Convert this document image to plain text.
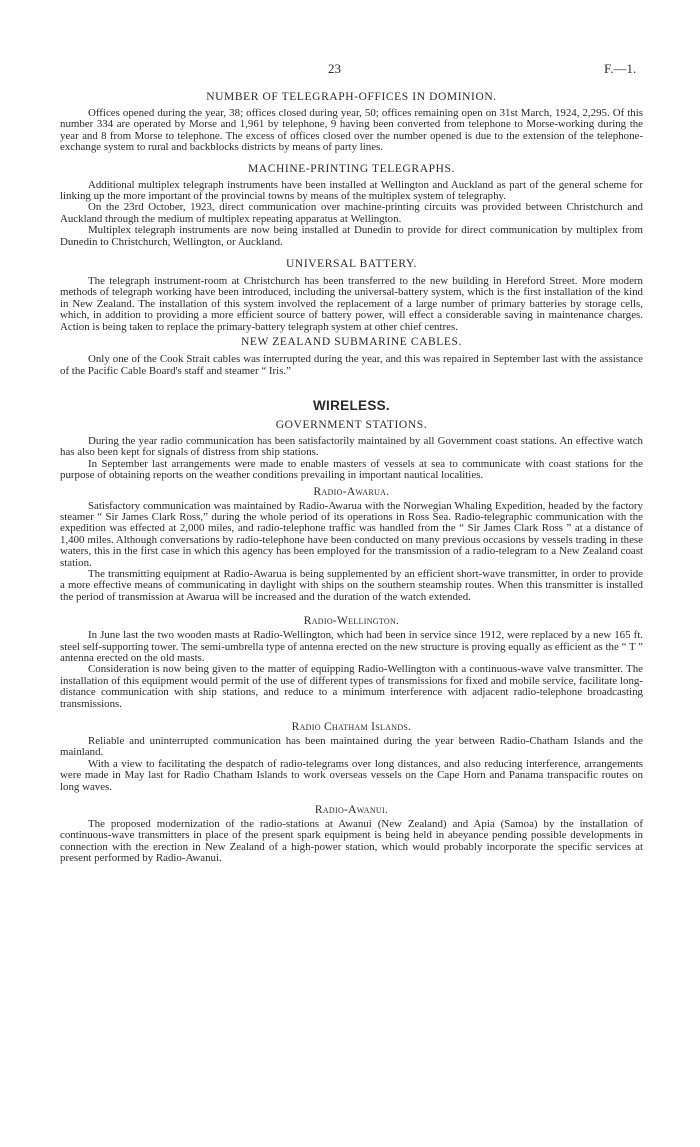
23	F.—1.
NUMBER OF TELEGRAPH-OFFICES IN DOMINION.

Offices opened during the year, 38; offices closed during year, 50; offices remaining open on 31st March, 1924, 2,295. Of this number 334 are operated by Morse and 1,961 by telephone, 9 having been converted from telephone to Morse-working during the year and 8 from Morse to telephone. The excess of offices closed over the number opened is due to the extension of the telephone-exchange system to rural and backblocks districts by means of party lines.

MACHINE-PRINTING TELEGRAPHS.

Additional multiplex telegraph instruments have been installed at Wellington and Auckland as part of the general scheme for linking up the more important of the provincial towns by means of the multiplex system of telegraphy.

On the 23rd October, 1923, direct communication over machine-printing circuits was provided between Christchurch and Auckland through the medium of multiplex repeating apparatus at Wellington.

Multiplex telegraph instruments are now being installed at Dunedin to provide for direct communication by multiplex from Dunedin to Christchurch, Wellington, or Auckland.

UNIVERSAL BATTERY.

The telegraph instrument-room at Christchurch has been transferred to the new building in Hereford Street. More modern methods of telegraph working have been introduced, including the universal-battery system, which is the first installation of the kind in New Zealand. The installation of this system involved the replacement of a large number of primary batteries by storage cells, which, in addition to providing a more efficient source of battery power, will effect a considerable saving in maintenance charges. Action is being taken to replace the primary-battery telegraph system at other chief centres.

NEW ZEALAND SUBMARINE CABLES.

Only one of the Cook Strait cables was interrupted during the year, and this was repaired in September last with the assistance of the Pacific Cable Board's staff and steamer “ Iris.”

WIRELESS.
GOVERNMENT STATIONS.

During the year radio communication has been satisfactorily maintained by all Government coast stations. An effective watch has also been kept for signals of distress from ship stations.

In September last arrangements were made to enable masters of vessels at sea to communicate with coast stations for the purpose of obtaining reports on the weather conditions prevailing in important nautical localities.

Radio-Awarua.

Satisfactory communication was maintained by Radio-Awarua with the Norwegian Whaling Expedition, headed by the factory steamer “ Sir James Clark Ross,” during the whole period of its operations in Ross Sea. Radio-telegraphic communication with the expedition was effected at 2,000 miles, and radio-telephone traffic was handled from the “ Sir James Clark Ross ” at a distance of 1,400 miles. Although conversations by radio-telephone have been conducted on many previous occasions by vessels trading in these waters, this in the first case in which this agency has been employed for the transmission of a radio-telegram to a New Zealand coast station.

The transmitting equipment at Radio-Awarua is being supplemented by an efficient short-wave transmitter, in order to provide a more effective means of communicating in daylight with ships on the southern steamship routes. When this transmitter is installed the period of transmission at Awarua will be increased and the duration of the watch extended.

Radio-Wellington.

In June last the two wooden masts at Radio-Wellington, which had been in service since 1912, were replaced by a new 165 ft. steel self-supporting tower. The semi-umbrella type of antenna erected on the new structure is proving equally as efficient as the “ T ” antenna erected on the old masts.

Consideration is now being given to the matter of equipping Radio-Wellington with a continuous-wave valve transmitter. The installation of this equipment would permit of the use of different types of transmissions for fixed and mobile service, facilitate long-distance communication with ship stations, and reduce to a minimum interference with adjacent radio-telephone broadcasting transmissions.

Radio Chatham Islands.

Reliable and uninterrupted communication has been maintained during the year between Radio-Chatham Islands and the mainland.

With a view to facilitating the despatch of radio-telegrams over long distances, and also reducing interference, arrangements were made in May last for Radio Chatham Islands to work overseas vessels on the Cape Horn and Panama transpacific routes on long waves.

Radio-Awanui.

The proposed modernization of the radio-stations at Awanui (New Zealand) and Apia (Samoa) by the installation of continuous-wave transmitters in place of the present spark equipment is being held in abeyance pending possible developments in connection with the erection in New Zealand of a high-power station, which would probably incorporate the specific services at present performed by Radio-Awanui.
